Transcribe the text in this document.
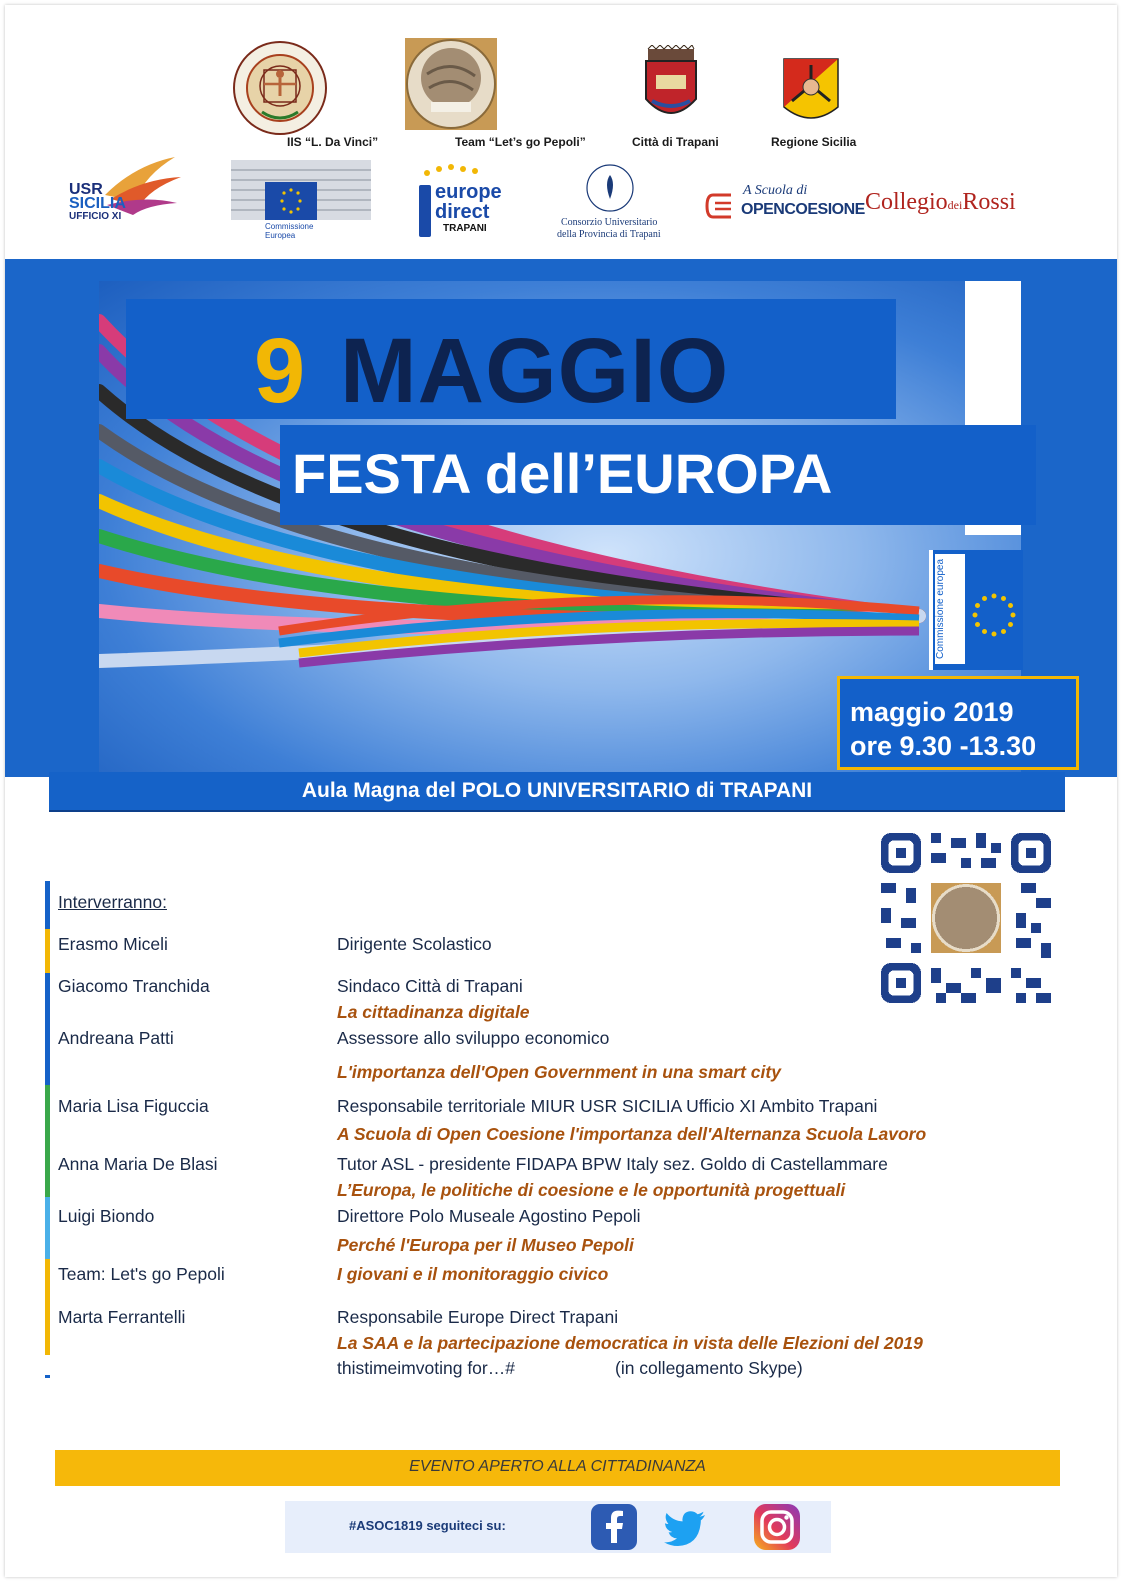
IIS “L. Da Vinci”	Team “Let’s go Pepoli”	Città di Trapani	Regione Sicilia
USR
SICILIA
UFFICIO XI
Commissione
Europea
europe
direct
TRAPANI
Consorzio Universitario
della Provincia di Trapani
A Scuola di
OPENCOESIONE CollegiodeiRossi
9 MAGGIO
FESTA dell’EUROPA
Commissione europea
maggio 2019
ore 9.30 -13.30
Aula Magna del POLO UNIVERSITARIO di TRAPANI
Interverranno:
Erasmo Miceli	Dirigente Scolastico
Giacomo Tranchida	Sindaco Città di Trapani
La cittadinanza digitale
Andreana Patti	Assessore allo sviluppo economico
L'importanza dell'Open Government in una smart city
Maria Lisa Figuccia	Responsabile territoriale MIUR USR SICILIA Ufficio XI Ambito Trapani
A Scuola di Open Coesione l'importanza dell'Alternanza Scuola Lavoro
Anna Maria De Blasi	Tutor ASL - presidente FIDAPA BPW Italy sez. Goldo di Castellammare
L’Europa, le politiche di coesione e le opportunità progettuali
Luigi Biondo	Direttore Polo Museale Agostino Pepoli
Perché l'Europa per il Museo Pepoli
Team: Let's go Pepoli	I giovani e il monitoraggio civico
Marta Ferrantelli	Responsabile Europe Direct Trapani
La SAA e la partecipazione democratica in vista delle Elezioni del 2019
thistimeimvoting for…#	(in collegamento Skype)
EVENTO APERTO ALLA CITTADINANZA
#ASOC1819 seguiteci su:
